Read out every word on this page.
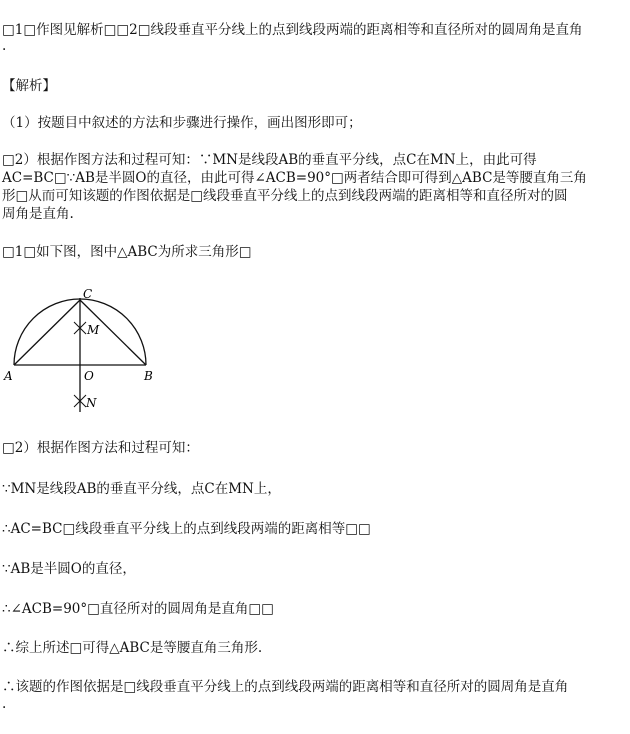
□1□作图见解析□□2□线段垂直平分线上的点到线段两端的距离相等和直径所对的圆周角是直角
.
【解析】
（1）按题目中叙述的方法和步骤进行操作，画出图形即可；
□2）根据作图方法和过程可知：∵MN是线段AB的垂直平分线，点C在MN上，由此可得
AC=BC□∵AB是半圆O的直径，由此可得∠ACB=90°□两者结合即可得到△ABC是等腰直角三角
形□从而可知该题的作图依据是□线段垂直平分线上的点到线段两端的距离相等和直径所对的圆
周角是直角.
□1□如下图，图中△ABC为所求三角形□
C
M
A	O	B
N
□2）根据作图方法和过程可知：
∵MN是线段AB的垂直平分线，点C在MN上，
∴AC=BC□线段垂直平分线上的点到线段两端的距离相等□□
∵AB是半圆O的直径，
∴∠ACB=90°□直径所对的圆周角是直角□□
∴综上所述□可得△ABC是等腰直角三角形.
∴该题的作图依据是□线段垂直平分线上的点到线段两端的距离相等和直径所对的圆周角是直角
.
